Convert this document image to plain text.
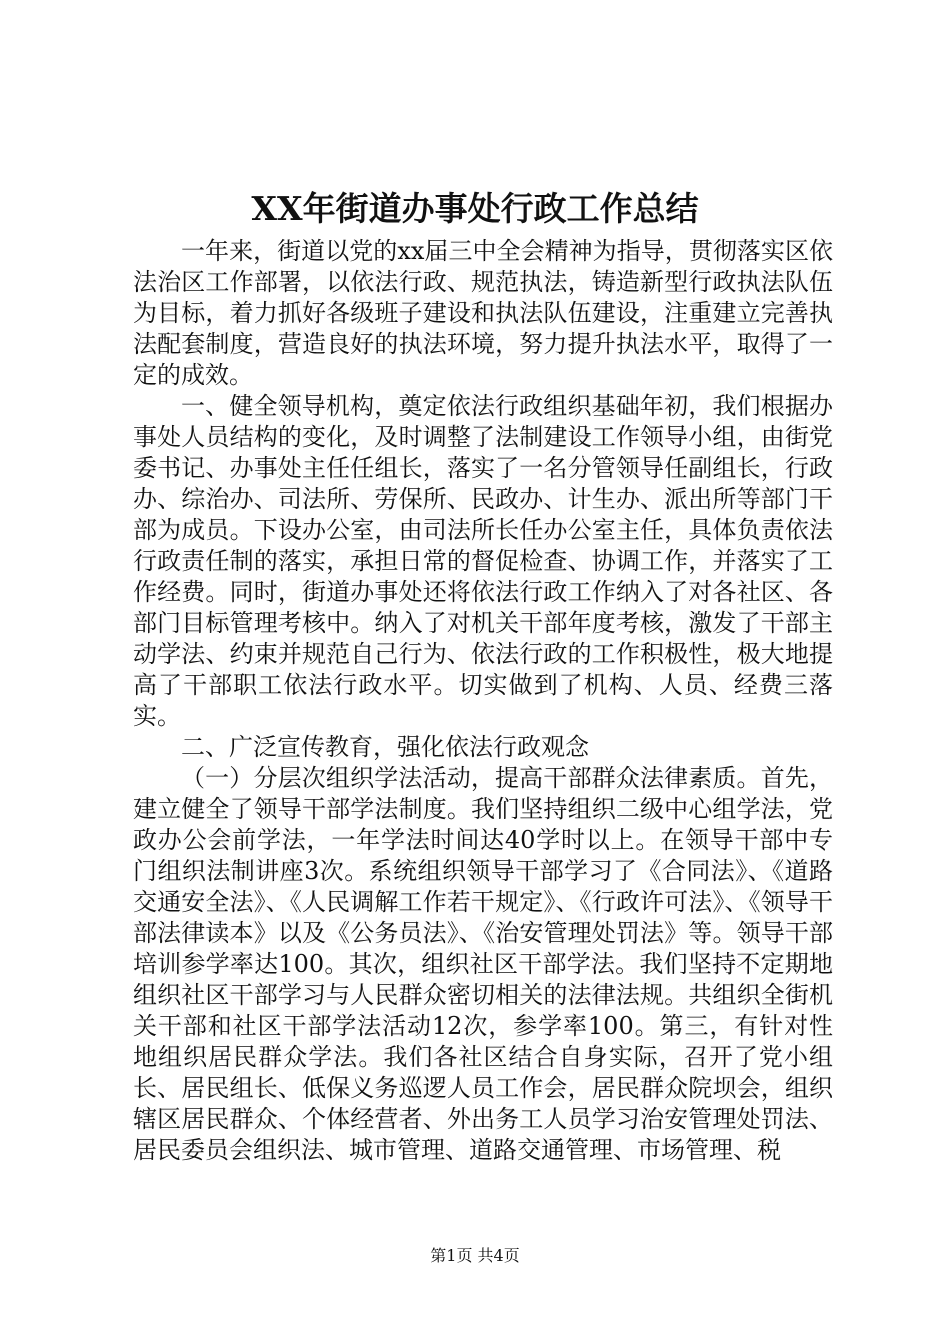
XX年街道办事处行政工作总结

一年来，街道以党的xx届三中全会精神为指导，贯彻落实区依法治区工作部署，以依法行政、规范执法，铸造新型行政执法队伍为目标，着力抓好各级班子建设和执法队伍建设，注重建立完善执法配套制度，营造良好的执法环境，努力提升执法水平，取得了一定的成效。

一、健全领导机构，奠定依法行政组织基础年初，我们根据办事处人员结构的变化，及时调整了法制建设工作领导小组，由街党委书记、办事处主任任组长，落实了一名分管领导任副组长，行政办、综治办、司法所、劳保所、民政办、计生办、派出所等部门干部为成员。下设办公室，由司法所长任办公室主任，具体负责依法行政责任制的落实，承担日常的督促检查、协调工作，并落实了工作经费。同时，街道办事处还将依法行政工作纳入了对各社区、各部门目标管理考核中。纳入了对机关干部年度考核，激发了干部主动学法、约束并规范自己行为、依法行政的工作积极性，极大地提高了干部职工依法行政水平。切实做到了机构、人员、经费三落实。

二、广泛宣传教育，强化依法行政观念

（一）分层次组织学法活动，提高干部群众法律素质。首先，建立健全了领导干部学法制度。我们坚持组织二级中心组学法，党政办公会前学法，一年学法时间达40学时以上。在领导干部中专门组织法制讲座3次。系统组织领导干部学习了《合同法》、《道路交通安全法》、《人民调解工作若干规定》、《行政许可法》、《领导干部法律读本》以及《公务员法》、《治安管理处罚法》等。领导干部培训参学率达100。其次，组织社区干部学法。我们坚持不定期地组织社区干部学习与人民群众密切相关的法律法规。共组织全街机关干部和社区干部学法活动12次，参学率100。第三，有针对性地组织居民群众学法。我们各社区结合自身实际，召开了党小组长、居民组长、低保义务巡逻人员工作会，居民群众院坝会，组织辖区居民群众、个体经营者、外出务工人员学习治安管理处罚法、居民委员会组织法、城市管理、道路交通管理、市场管理、税

第1页 共4页
